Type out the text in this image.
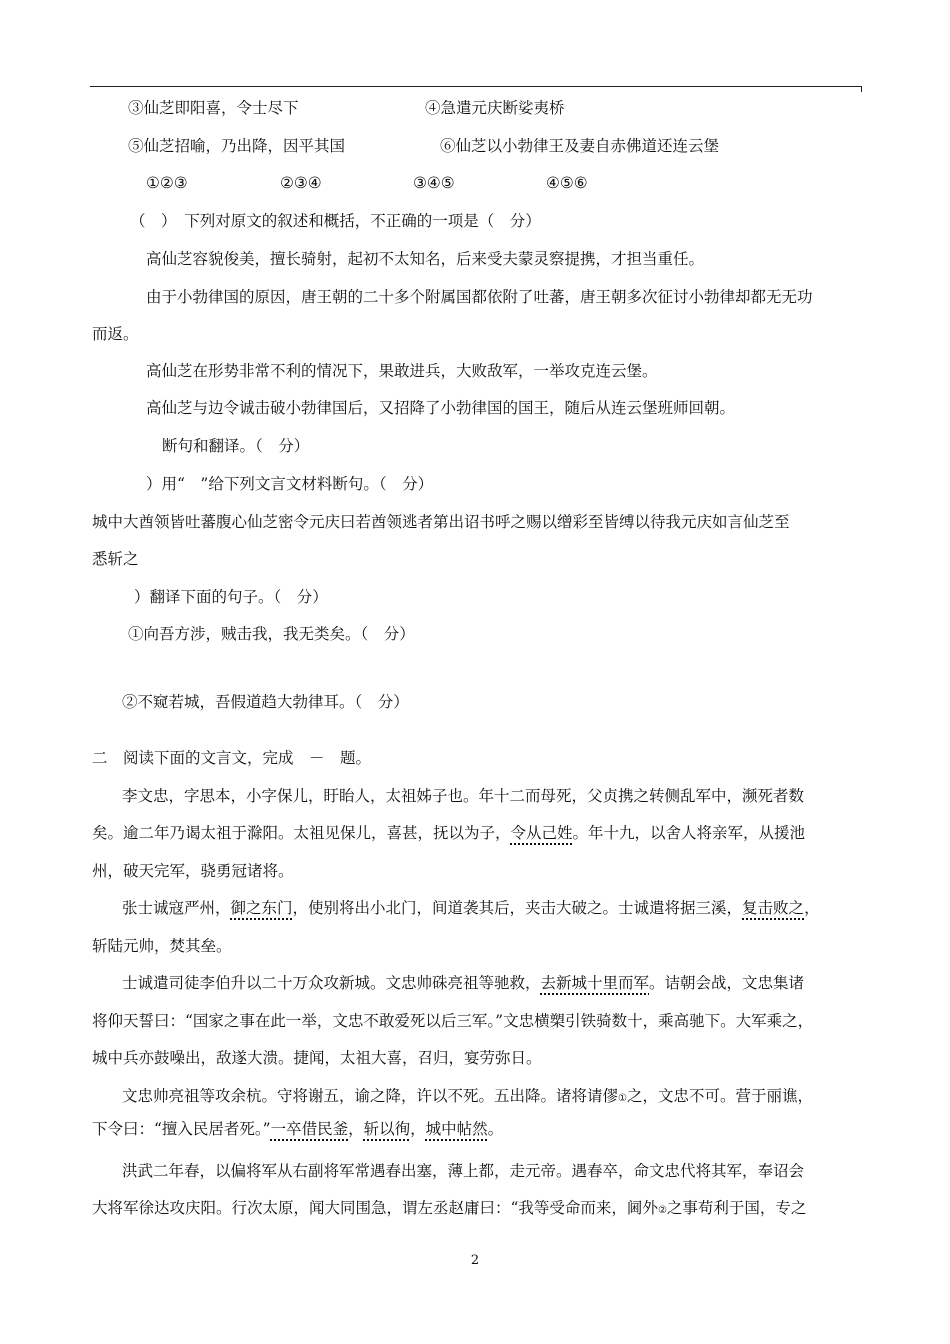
③仙芝即阳喜，令士尽下	④急遣元庆断娑夷桥
⑤仙芝招喻，乃出降，因平其国	⑥仙芝以小勃律王及妻自赤佛道还连云堡
①②③	②③④	③④⑤	④⑤⑥
（　）　下列对原文的叙述和概括，不正确的一项是（　分）
高仙芝容貌俊美，擅长骑射，起初不太知名，后来受夫蒙灵察提携，才担当重任。
由于小勃律国的原因，唐王朝的二十多个附属国都依附了吐蕃，唐王朝多次征讨小勃律却都无无功
而返。
高仙芝在形势非常不利的情况下，果敢进兵，大败敌军，一举攻克连云堡。
高仙芝与边令诚击破小勃律国后，又招降了小勃律国的国王，随后从连云堡班师回朝。
断句和翻译。（　分）
）用“　”给下列文言文材料断句。（　分）
城中大酋领皆吐蕃腹心仙芝密令元庆曰若酋领逃者第出诏书呼之赐以缯彩至皆缚以待我元庆如言仙芝至
悉斩之
）翻译下面的句子。（　分）
①向吾方涉，贼击我，我无类矣。（　分）
②不窥若城，吾假道趋大勃律耳。（　分）
二　阅读下面的文言文，完成　－　题。
李文忠，字思本，小字保儿，盱眙人，太祖姊子也。年十二而母死，父贞携之转侧乱军中，濒死者数
矣。逾二年乃谒太祖于滁阳。太祖见保儿，喜甚，抚以为子，令从己姓。年十九，以舍人将亲军，从援池
州，破天完军，骁勇冠诸将。
张士诚寇严州，御之东门，使别将出小北门，间道袭其后，夹击大破之。士诚遣将据三溪，复击败之，
斩陆元帅，焚其垒。
士诚遣司徒李伯升以二十万众攻新城。文忠帅硃亮祖等驰救，去新城十里而军。诘朝会战，文忠集诸
将仰天誓曰：“国家之事在此一举，文忠不敢爱死以后三军。”文忠横槊引铁骑数十，乘高驰下。大军乘之，
城中兵亦鼓噪出，敌遂大溃。捷闻，太祖大喜，召归，宴劳弥日。
文忠帅亮祖等攻余杭。守将谢五，谕之降，许以不死。五出降。诸将请僇①之，文忠不可。营于丽谯，
下令曰：“擅入民居者死。”一卒借民釜，斩以徇，城中帖然。
洪武二年春，以偏将军从右副将军常遇春出塞，薄上都，走元帝。遇春卒，命文忠代将其军，奉诏会
大将军徐达攻庆阳。行次太原，闻大同围急，谓左丞赵庸曰：“我等受命而来，阃外②之事苟利于国，专之
2
